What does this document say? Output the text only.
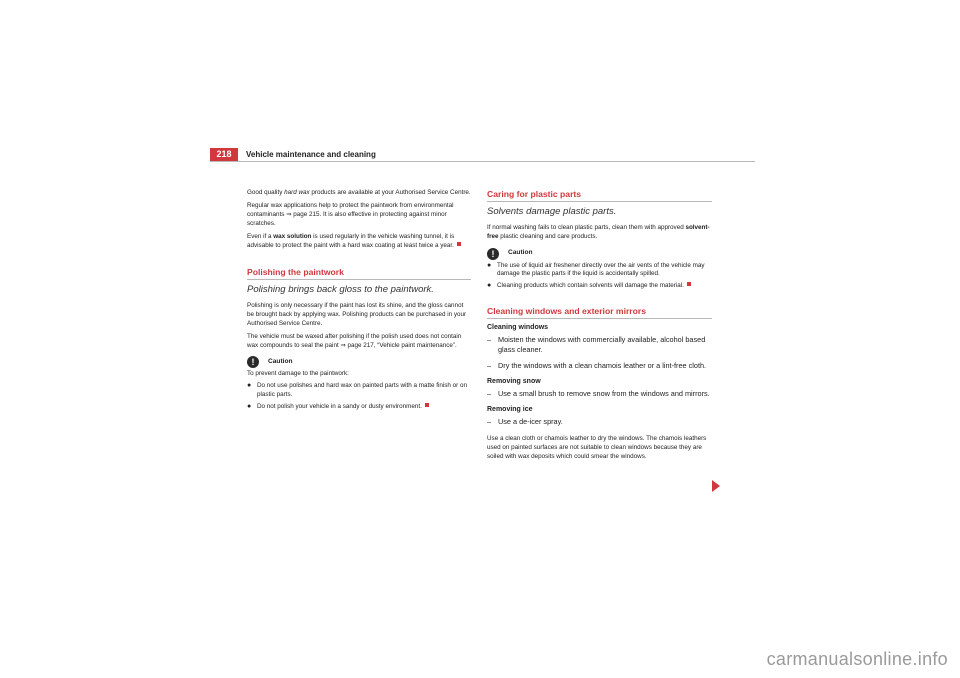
218	Vehicle maintenance and cleaning

Good quality hard wax products are available at your Authorised Service Centre.

Regular wax applications help to protect the paintwork from environmental contaminants ⇒ page 215. It is also effective in protecting against minor scratches.

Even if a wax solution is used regularly in the vehicle washing tunnel, it is advisable to protect the paint with a hard wax coating at least twice a year.

Polishing the paintwork
Polishing brings back gloss to the paintwork.

Polishing is only necessary if the paint has lost its shine, and the gloss cannot be brought back by applying wax. Polishing products can be purchased in your Authorised Service Centre.

The vehicle must be waxed after polishing if the polish used does not contain wax compounds to seal the paint ⇒ page 217, “Vehicle paint maintenance”.

!	Caution

To prevent damage to the paintwork:

● Do not use polishes and hard wax on painted parts with a matte finish or on plastic parts.
● Do not polish your vehicle in a sandy or dusty environment.
Caring for plastic parts
Solvents damage plastic parts.

If normal washing fails to clean plastic parts, clean them with approved solvent-free plastic cleaning and care products.

!	Caution
● The use of liquid air freshener directly over the air vents of the vehicle may damage the plastic parts if the liquid is accidentally spilled.
● Cleaning products which contain solvents will damage the material.
Cleaning windows and exterior mirrors
Cleaning windows
– Moisten the windows with commercially available, alcohol based glass cleaner.
– Dry the windows with a clean chamois leather or a lint-free cloth.
Removing snow
– Use a small brush to remove snow from the windows and mirrors.
Removing ice
– Use a de-icer spray.

Use a clean cloth or chamois leather to dry the windows. The chamois leathers used on painted surfaces are not suitable to clean windows because they are soiled with wax deposits which could smear the windows.

carmanualsonline.info
